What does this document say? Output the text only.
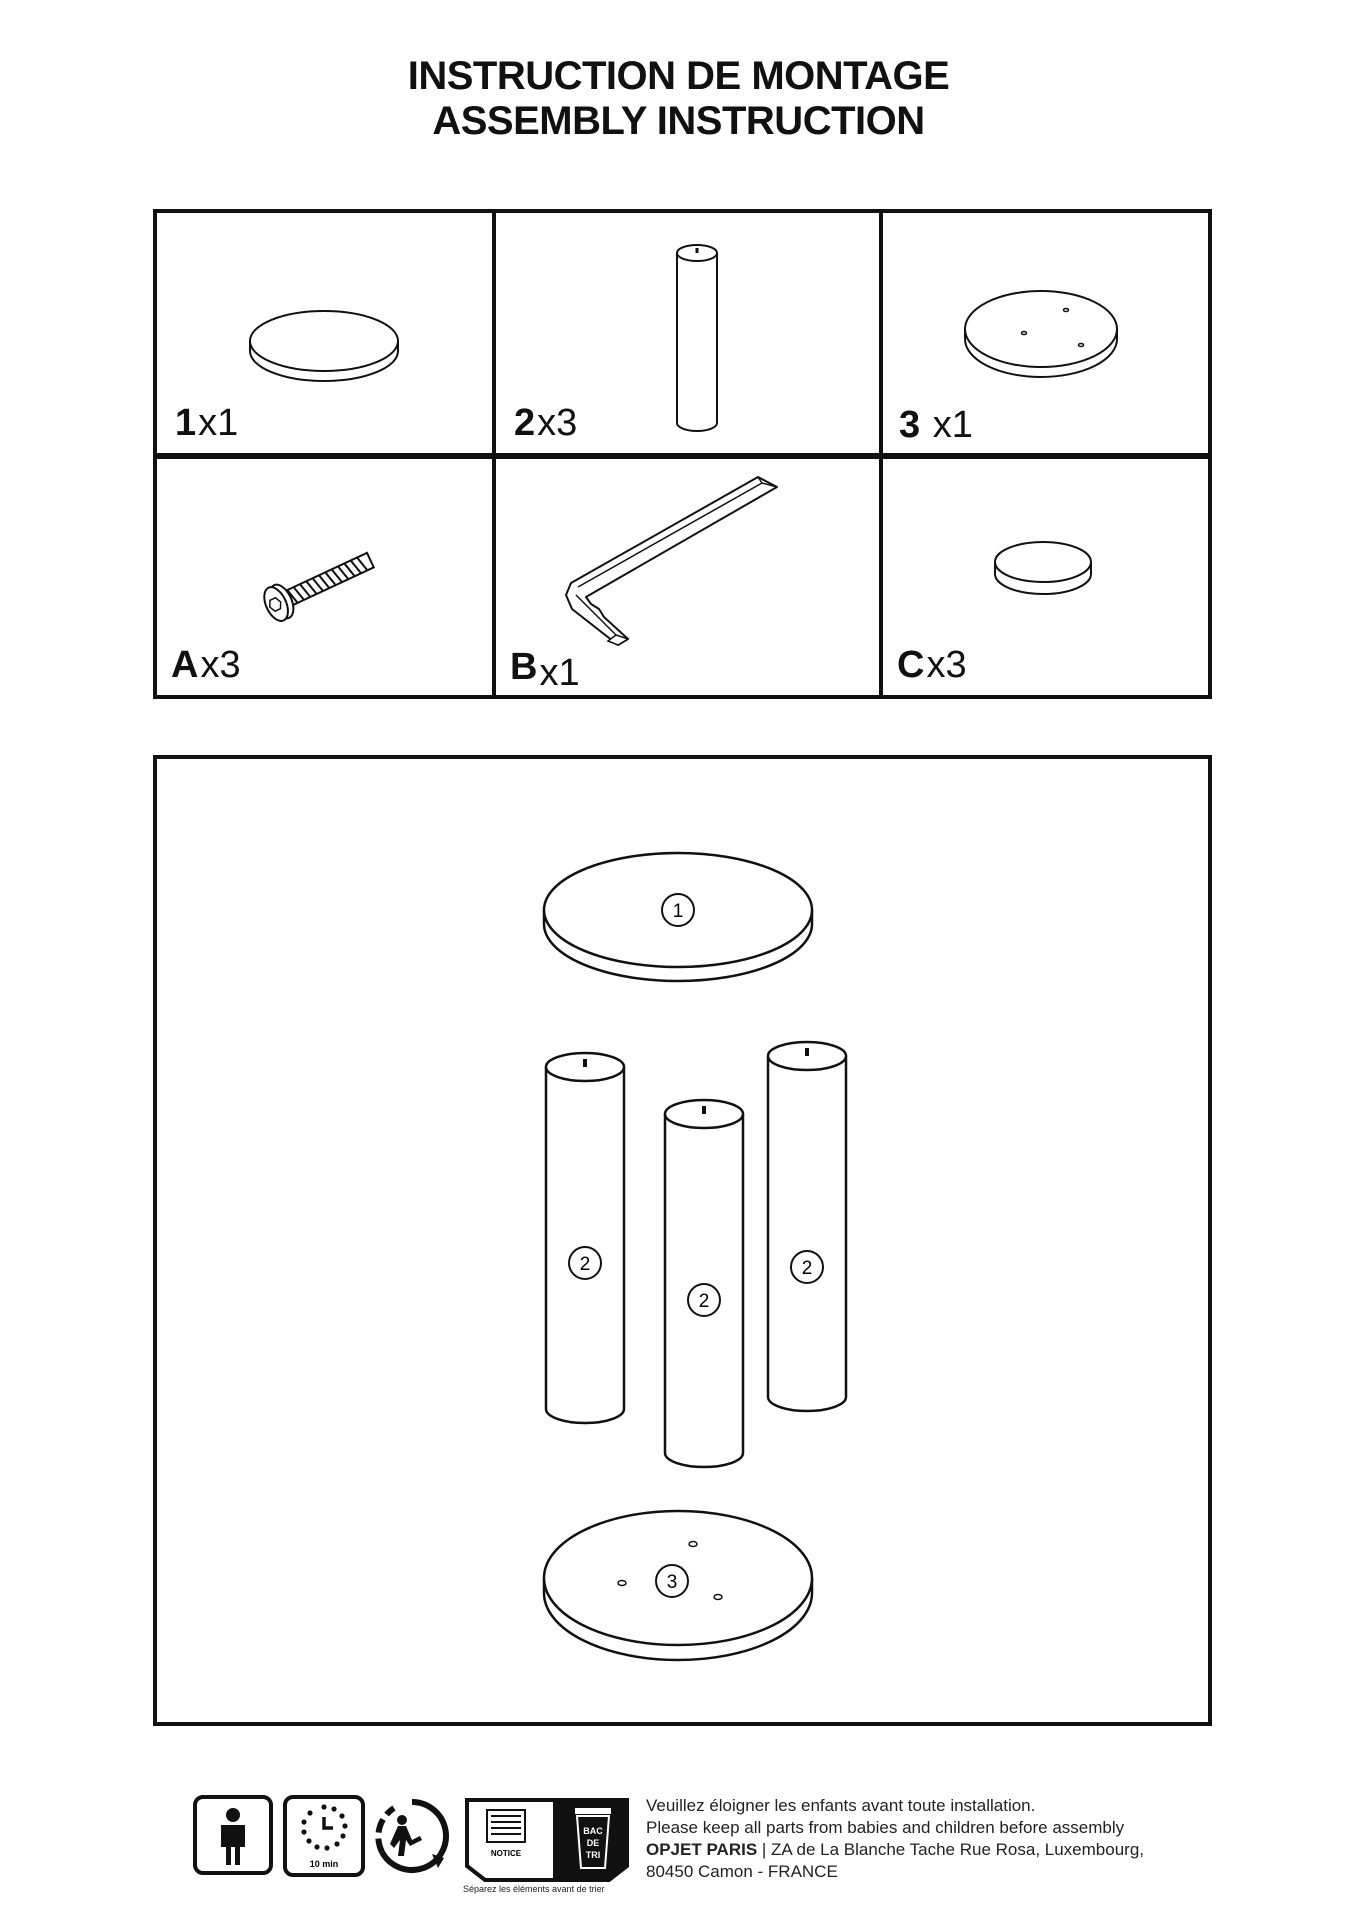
INSTRUCTION DE MONTAGE
ASSEMBLY INSTRUCTION
1x1	2x3	3 x1
Ax3	Bx1	Cx3
1
2	2
2
3
10 min
NOTICE
BAC
DE
TRI
Séparez les éléments avant de trier
Veuillez éloigner les enfants avant toute installation.
Please keep all parts from babies and children before assembly
OPJET PARIS | ZA de La Blanche Tache Rue Rosa, Luxembourg,
80450 Camon - FRANCE
